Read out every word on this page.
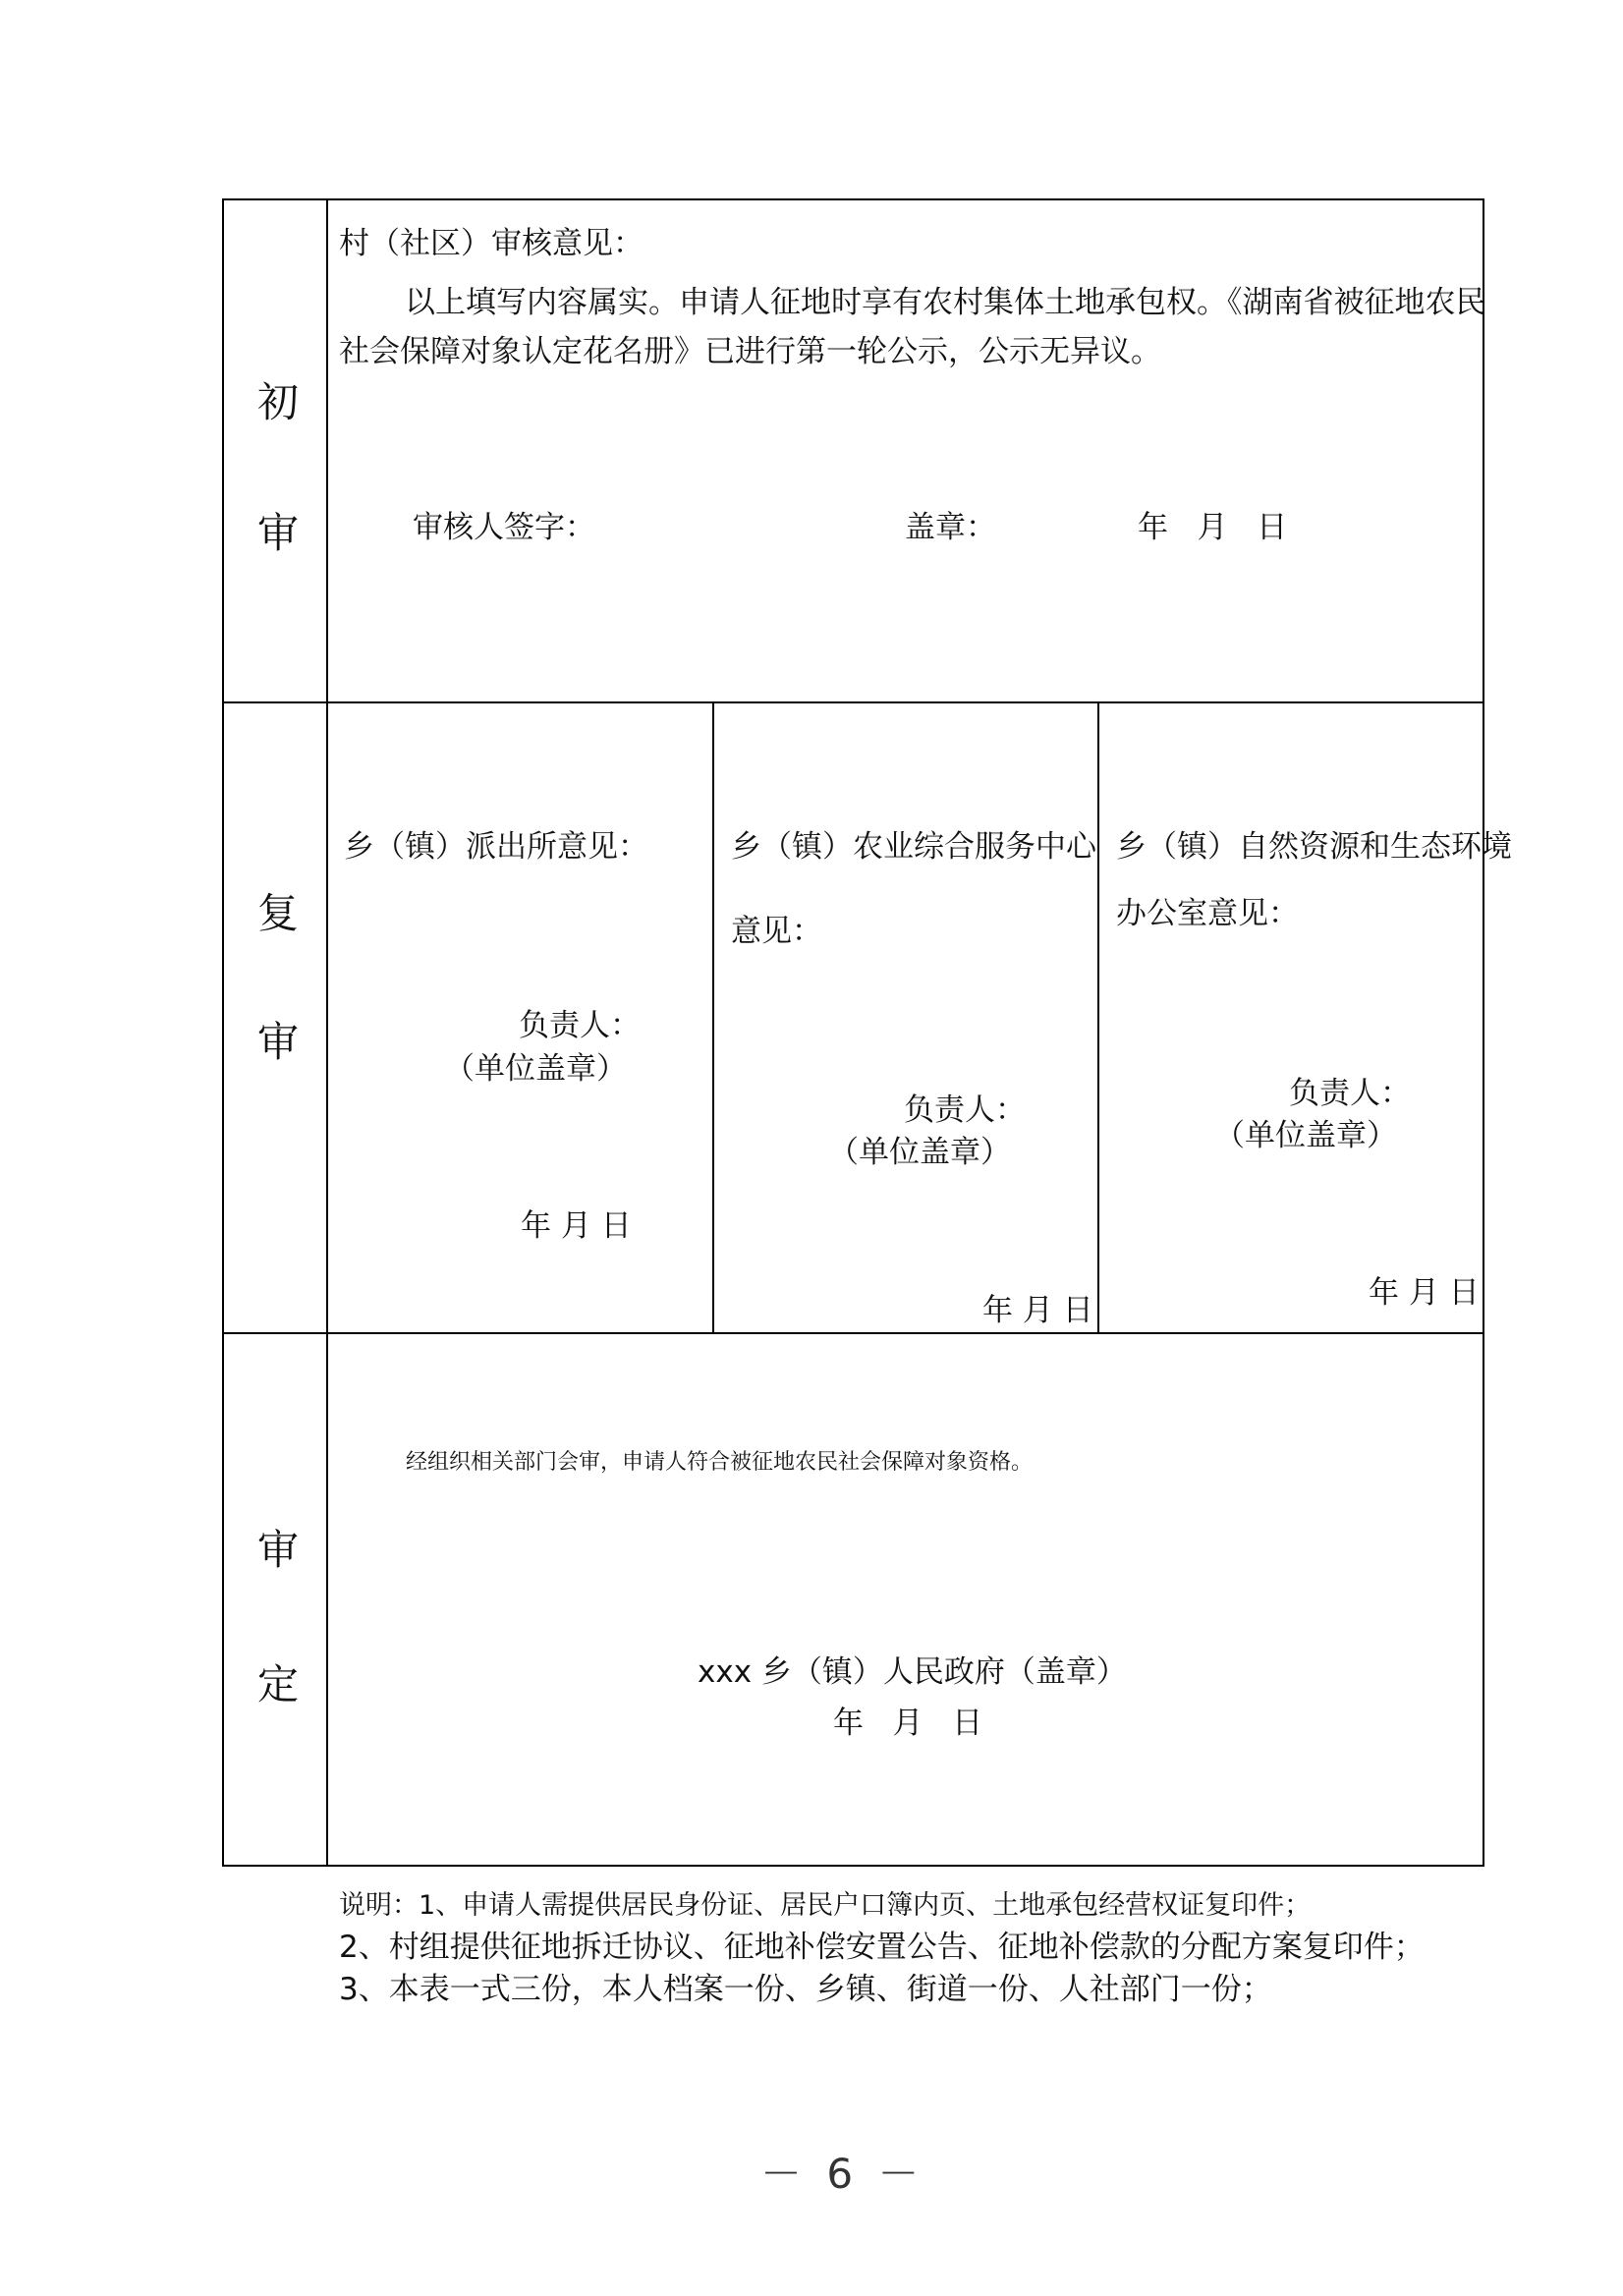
初
审
村（社区）审核意见：
以上填写内容属实。申请人征地时享有农村集体土地承包权。《湖南省被征地农民
社会保障对象认定花名册》已进行第一轮公示，公示无异议。
审核人签字：	盖章：	年   月   日
复
审
乡（镇）派出所意见：
负责人：
（单位盖章）
年 月 日
乡（镇）农业综合服务中心
意见：
负责人：
（单位盖章）
年 月 日
乡（镇）自然资源和生态环境
办公室意见：
负责人：
（单位盖章）
年 月 日
审
定
经组织相关部门会审，申请人符合被征地农民社会保障对象资格。
xxx 乡（镇）人民政府（盖章）
年   月   日
说明：1、申请人需提供居民身份证、居民户口簿内页、土地承包经营权证复印件；
2、村组提供征地拆迁协议、征地补偿安置公告、征地补偿款的分配方案复印件；
3、本表一式三份，本人档案一份、乡镇、街道一份、人社部门一份；
－ 6 －
